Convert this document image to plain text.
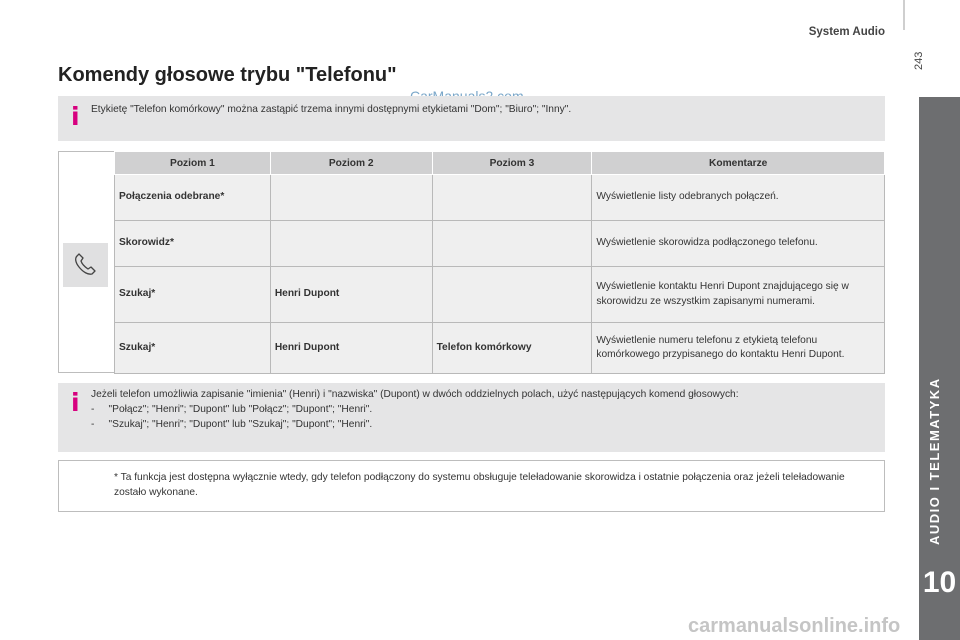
System Audio
243
AUDIO I TELEMATYKA
10
Komendy głosowe trybu "Telefonu"
i Etykietę "Telefon komórkowy" można zastąpić trzema innymi dostępnymi etykietami "Dom"; "Biuro"; "Inny".
Poziom 1	Poziom 2	Poziom 3	Komentarze
Połączenia odebrane*			Wyświetlenie listy odebranych połączeń.
Skorowidz*			Wyświetlenie skorowidza podłączonego telefonu.
Szukaj*	Henri Dupont		Wyświetlenie kontaktu Henri Dupont znajdującego się w skorowidzu ze wszystkim zapisanymi numerami.
Szukaj*	Henri Dupont	Telefon komórkowy	Wyświetlenie numeru telefonu z etykietą telefonu komórkowego przypisanego do kontaktu Henri Dupont.
i Jeżeli telefon umożliwia zapisanie "imienia" (Henri) i "nazwiska" (Dupont) w dwóch oddzielnych polach, użyć następujących komend głosowych:
-     "Połącz"; "Henri"; "Dupont" lub "Połącz"; "Dupont"; "Henri".
-     "Szukaj"; "Henri"; "Dupont" lub "Szukaj"; "Dupont"; "Henri".
* Ta funkcja jest dostępna wyłącznie wtedy, gdy telefon podłączony do systemu obsługuje teleładowanie skorowidza i ostatnie połączenia oraz jeżeli teleładowanie zostało wykonane.
carmanualsonline.info
